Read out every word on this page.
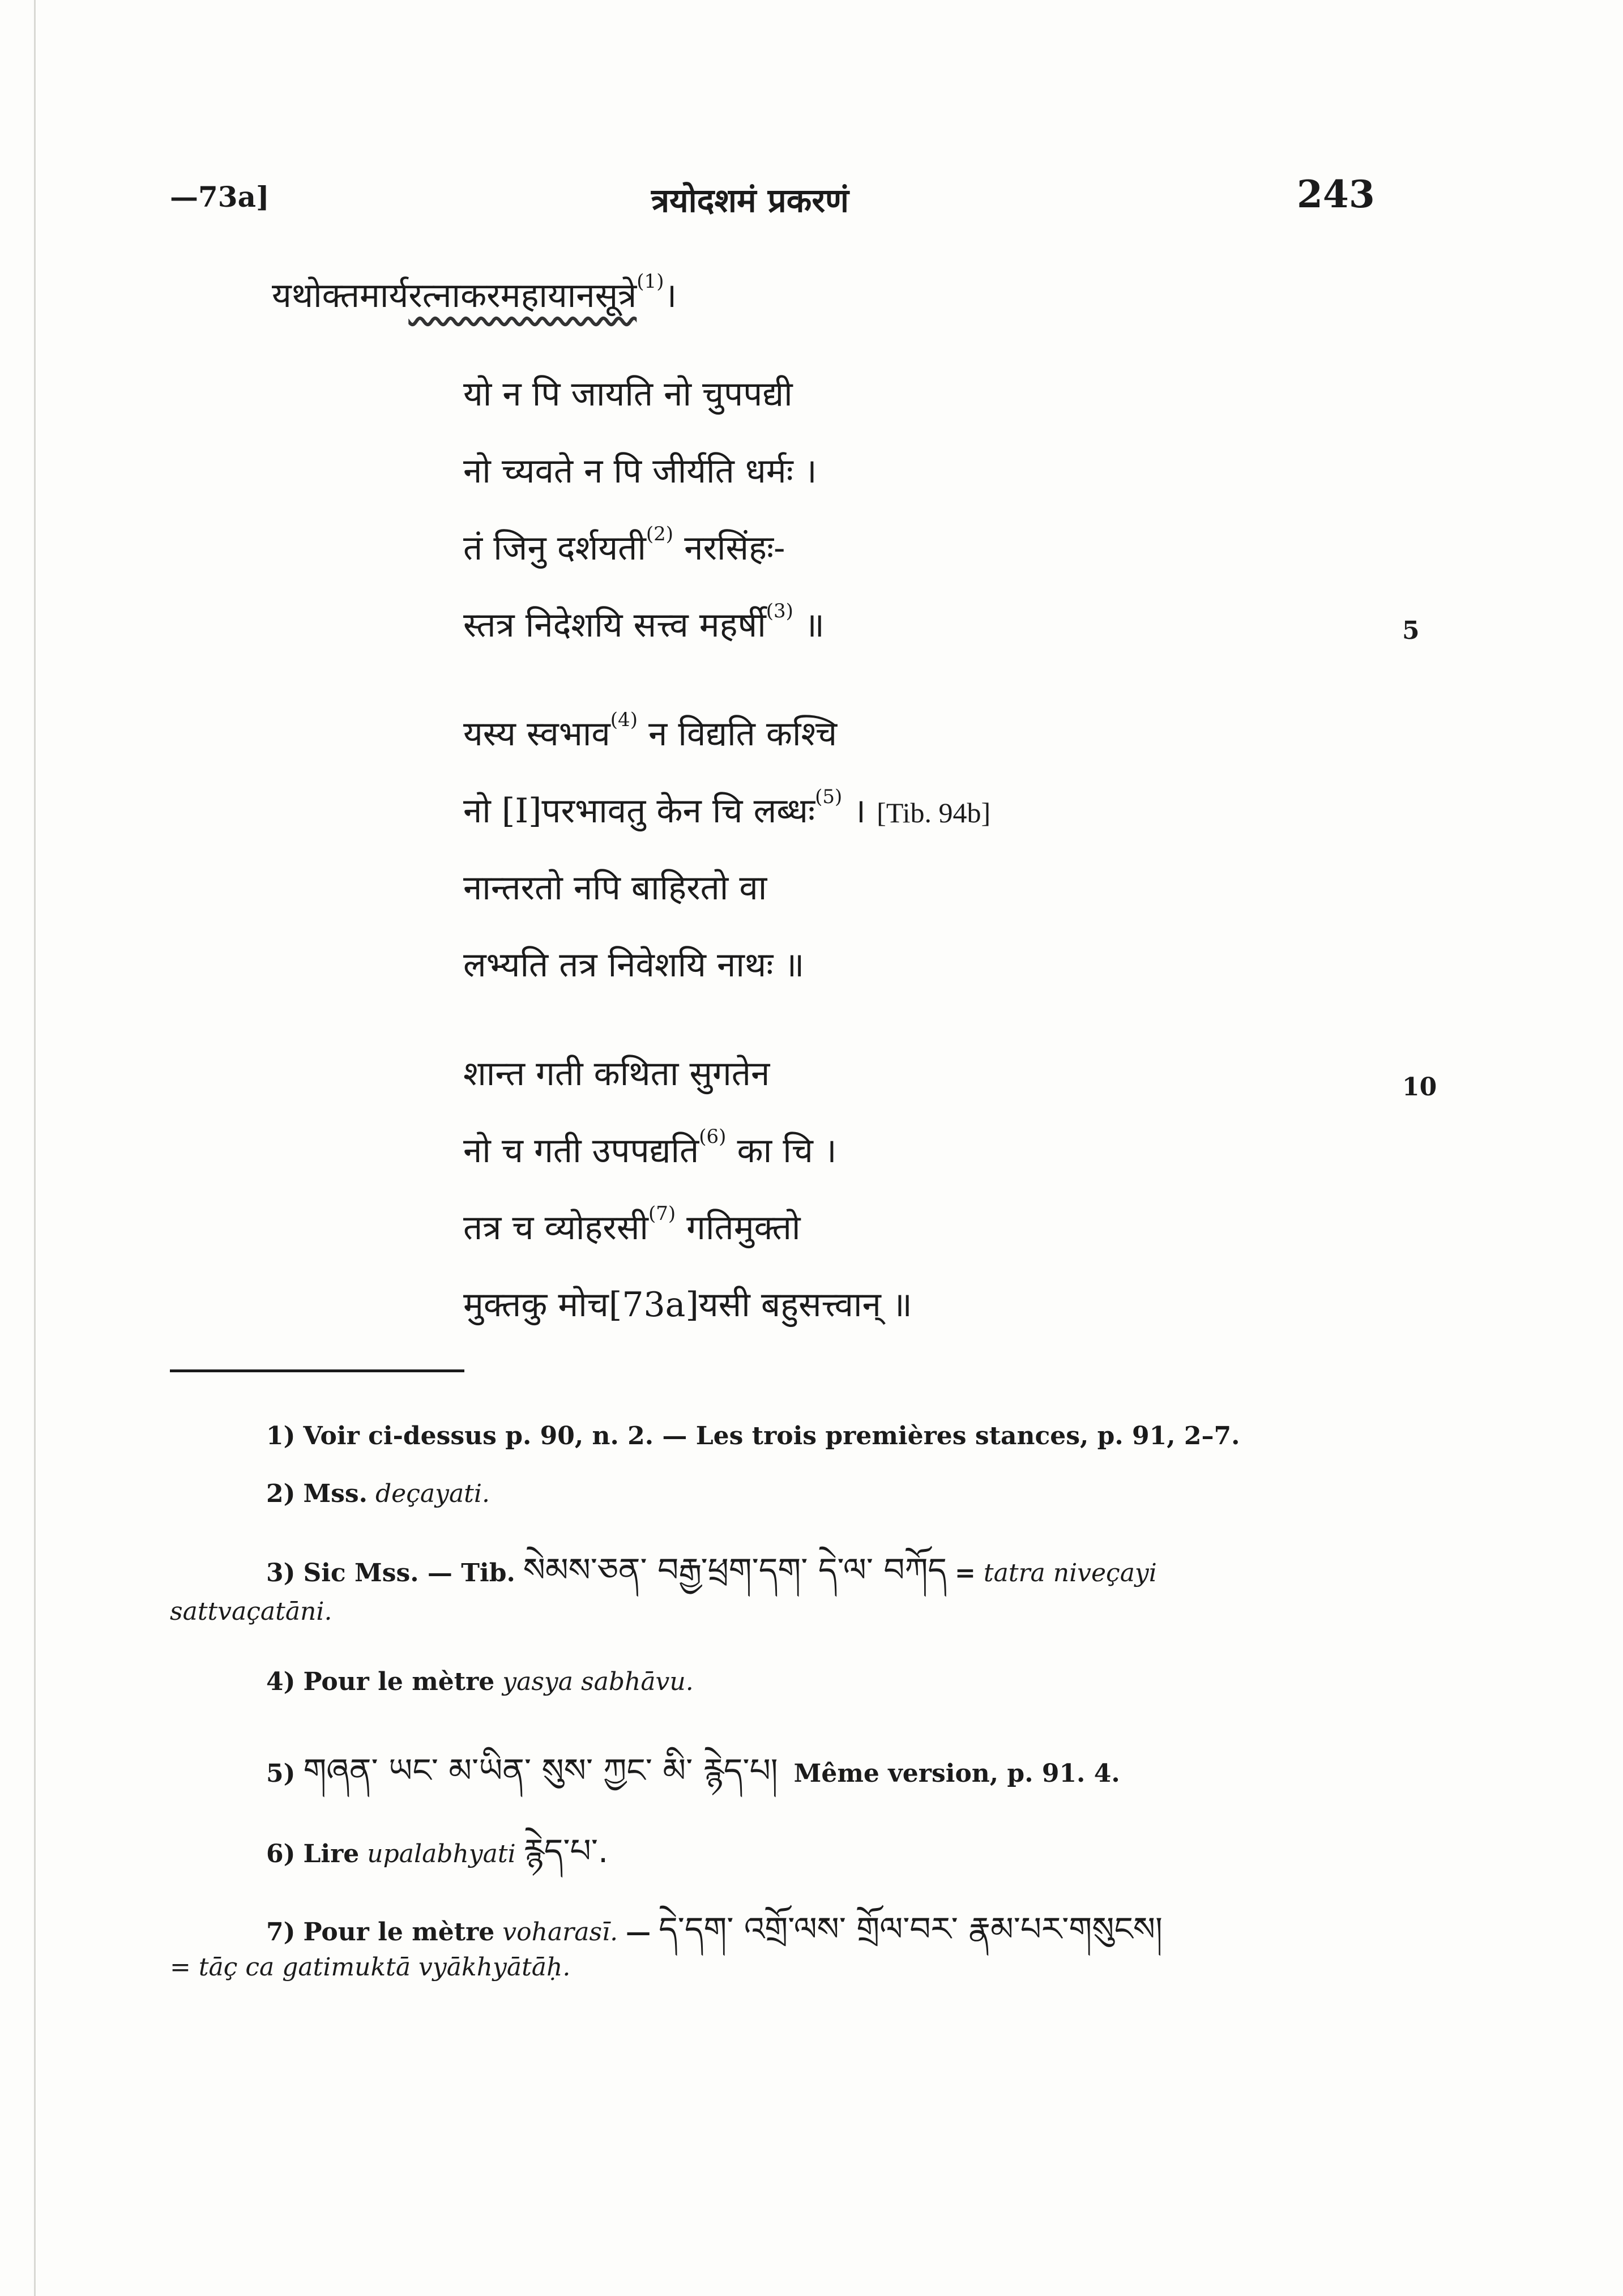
—73a]	त्रयोदशमं प्रकरणं	243
यथोक्तमार्यरत्नाकरमहायानसूत्रे$^{(1)}$।
यो न पि जायति नो चुपपद्यी
नो च्यवते न पि जीर्यति धर्मः ।
तं जिनु दर्शयती$^{(2)}$ नरसिंहः-
स्तत्र निदेशयि सत्त्व महर्षी$^{(3)}$ ॥
यस्य स्वभाव$^{(4)}$ न विद्यति कश्चि
नो [I]परभावतु केन चि लब्धः$^{(5)}$ । [Tib. 94b]
नान्तरतो नपि बाहिरतो वा
लभ्यति तत्र निवेशयि नाथः ॥
शान्त गती कथिता सुगतेन
नो च गती उपपद्यति$^{(6)}$ का चि ।
तत्र च व्योहरसी$^{(7)}$ गतिमुक्तो
मुक्तकु मोच[73a]यसी बहुसत्त्वान् ॥
5
10
1) Voir ci-dessus p. 90, n. 2. — Les trois premières stances, p. 91, 2–7.
2) Mss. deçayati.
3) Sic Mss. — Tib. སེམས་ཅན་ བརྒྱ་ཕྲག་དག་ དེ་ལ་ བཀོད = tatra niveçayi
sattvaçatāni.
4) Pour le mètre yasya sabhāvu.
5) གཞན་ ཡང་ མ་ཡིན་ སུས་ ཀྱང་ མི་ རྙེད་པ། Même version, p. 91. 4.
6) Lire upalabhyati རྙེད་པ་.
7) Pour le mètre voharasī. — དེ་དག་ འགྲོ་ལས་ གྲོལ་བར་ རྣམ་པར་གསུངས།
= tāç ca gatimuktā vyākhyātāḥ.
